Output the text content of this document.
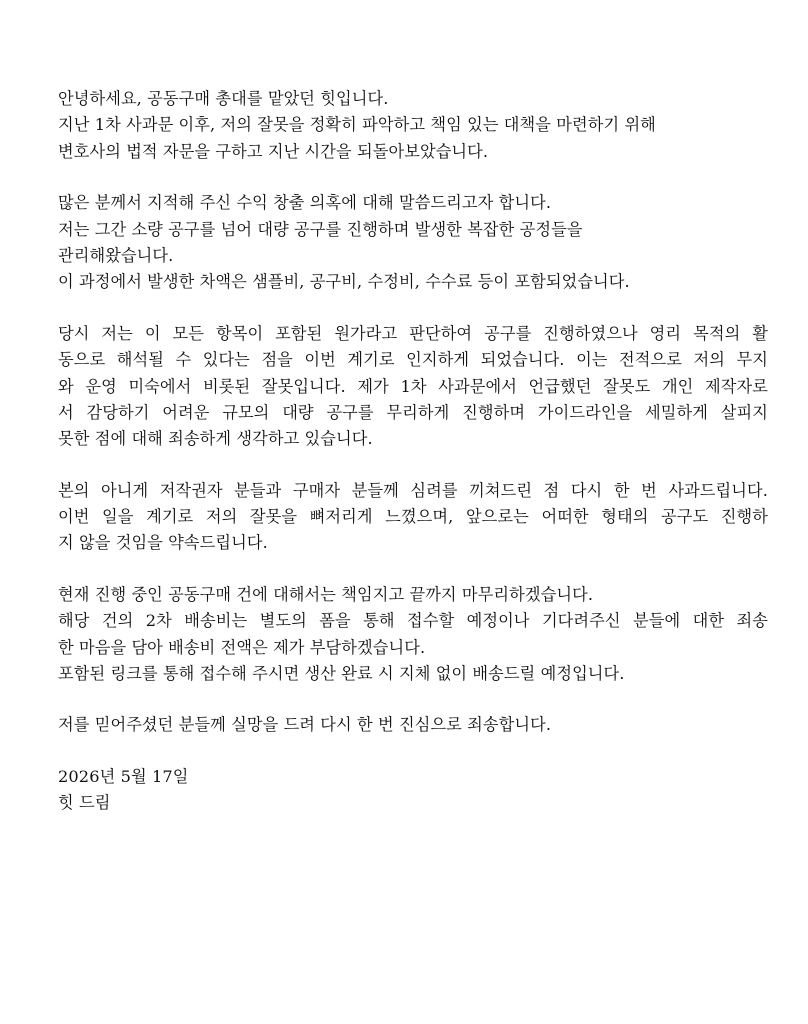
안녕하세요, 공동구매 총대를 맡았던 힛입니다.
지난 1차 사과문 이후, 저의 잘못을 정확히 파악하고 책임 있는 대책을 마련하기 위해
변호사의 법적 자문을 구하고 지난 시간을 되돌아보았습니다.
많은 분께서 지적해 주신 수익 창출 의혹에 대해 말씀드리고자 합니다.
저는 그간 소량 공구를 넘어 대량 공구를 진행하며 발생한 복잡한 공정들을
관리해왔습니다.
이 과정에서 발생한 차액은 샘플비, 공구비, 수정비, 수수료 등이 포함되었습니다.
당시 저는 이 모든 항목이 포함된 원가라고 판단하여 공구를 진행하였으나 영리 목적의 활
동으로 해석될 수 있다는 점을 이번 계기로 인지하게 되었습니다. 이는 전적으로 저의 무지
와 운영 미숙에서 비롯된 잘못입니다. 제가 1차 사과문에서 언급했던 잘못도 개인 제작자로
서 감당하기 어려운 규모의 대량 공구를 무리하게 진행하며 가이드라인을 세밀하게 살피지
못한 점에 대해 죄송하게 생각하고 있습니다.
본의 아니게 저작권자 분들과 구매자 분들께 심려를 끼쳐드린 점 다시 한 번 사과드립니다.
이번 일을 계기로 저의 잘못을 뼈저리게 느꼈으며, 앞으로는 어떠한 형태의 공구도 진행하
지 않을 것임을 약속드립니다.
현재 진행 중인 공동구매 건에 대해서는 책임지고 끝까지 마무리하겠습니다.
해당 건의 2차 배송비는 별도의 폼을 통해 접수할 예정이나 기다려주신 분들에 대한 죄송
한 마음을 담아 배송비 전액은 제가 부담하겠습니다.
포함된 링크를 통해 접수해 주시면 생산 완료 시 지체 없이 배송드릴 예정입니다.
저를 믿어주셨던 분들께 실망을 드려 다시 한 번 진심으로 죄송합니다.
2026년 5월 17일
힛 드림
